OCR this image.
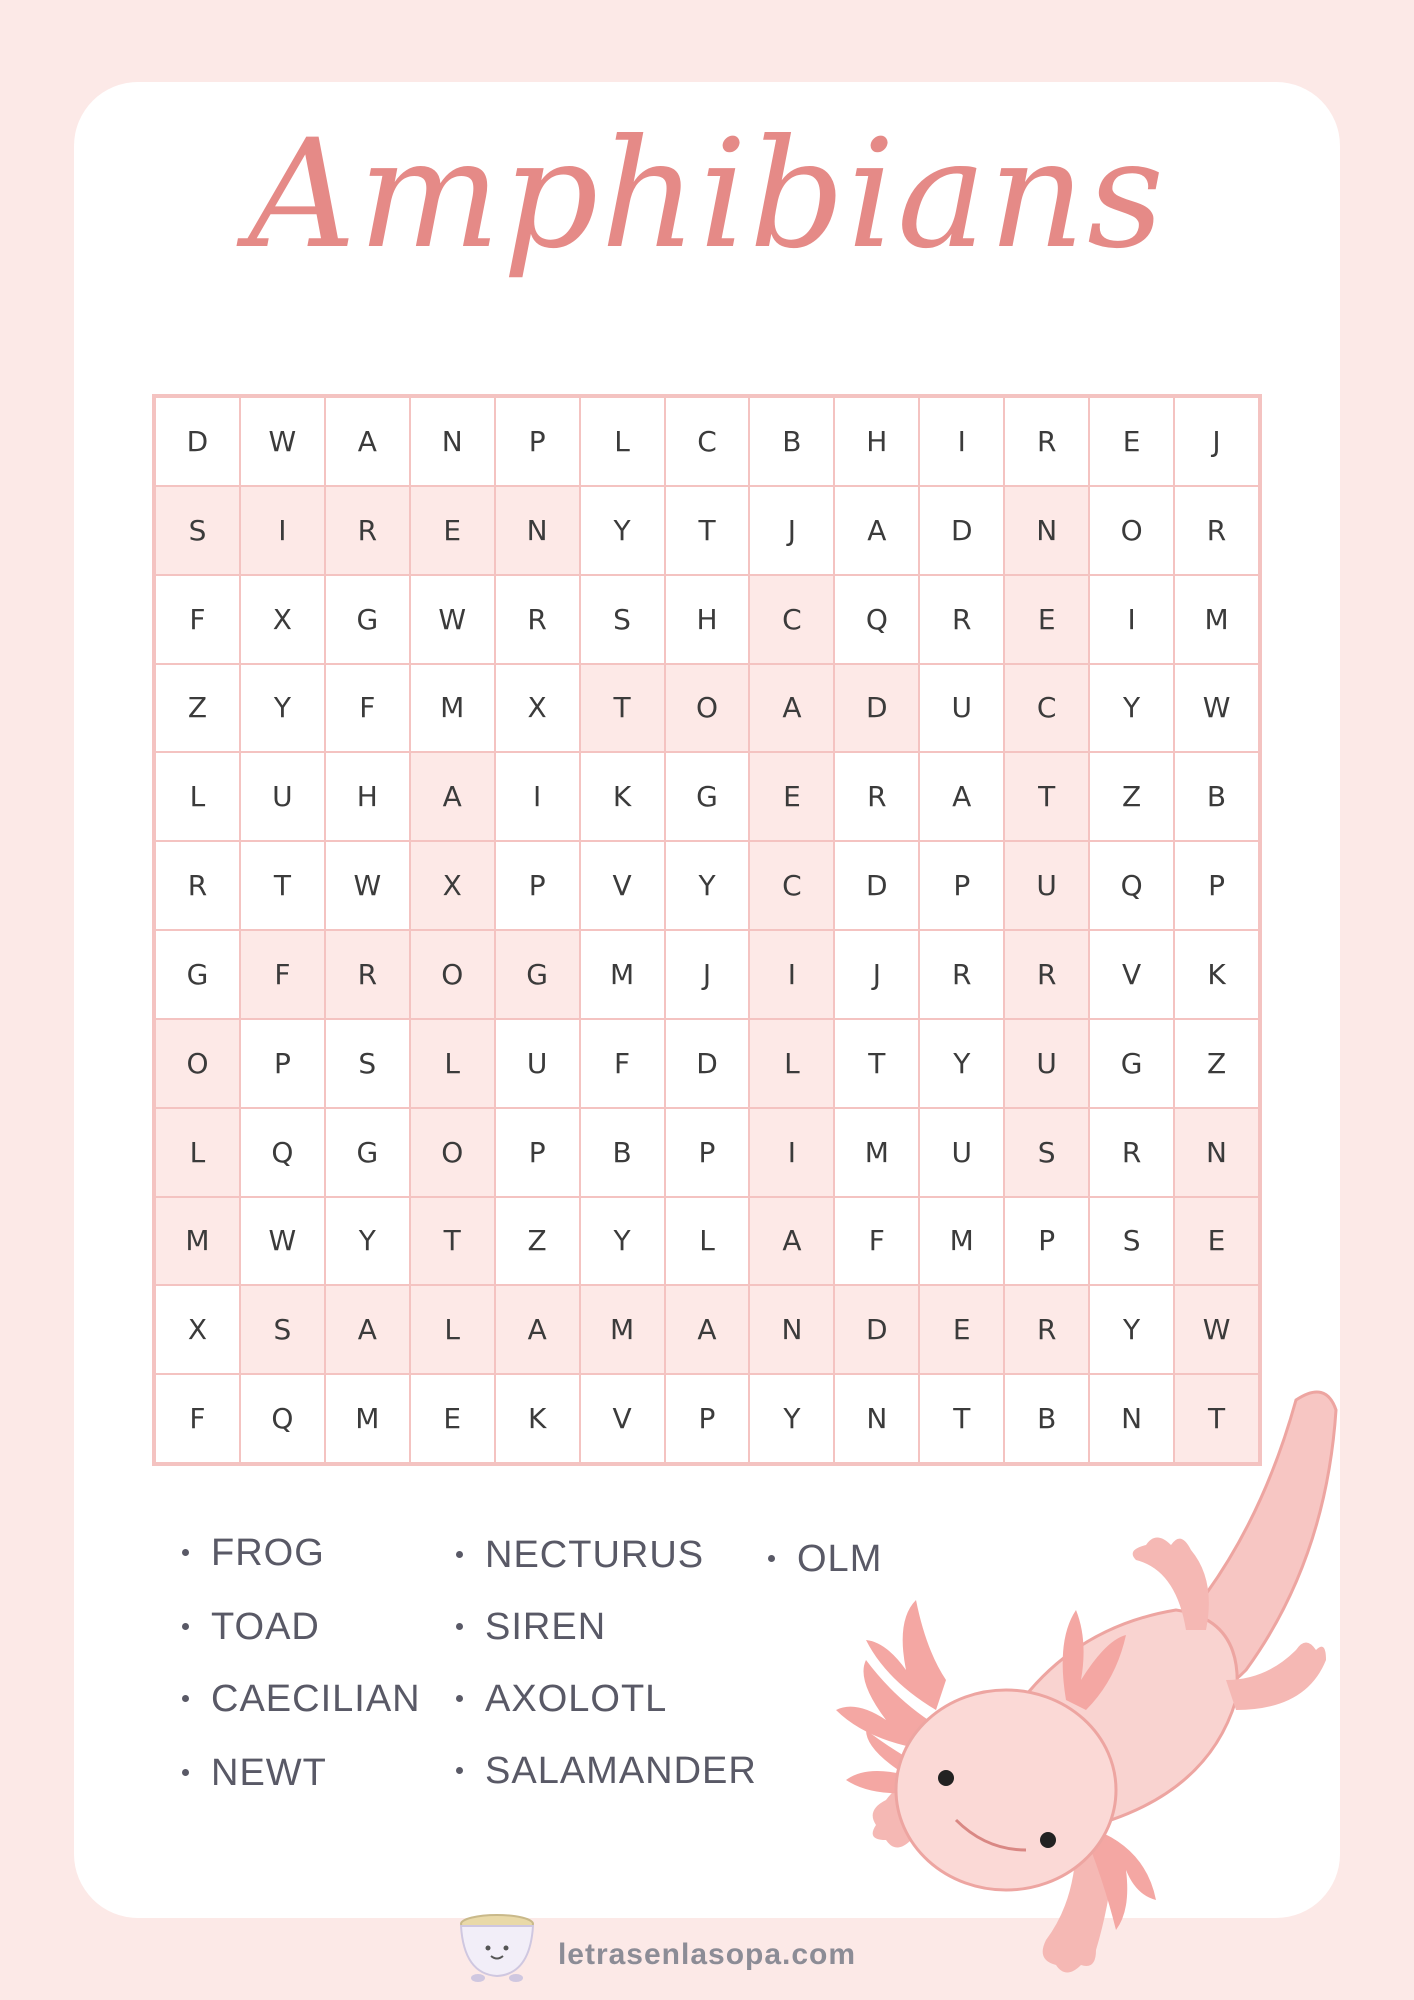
Amphibians
D	W	A	N	P	L	C	B	H	I	R	E	J
S	I	R	E	N	Y	T	J	A	D	N	O	R
F	X	G	W	R	S	H	C	Q	R	E	I	M
Z	Y	F	M	X	T	O	A	D	U	C	Y	W
L	U	H	A	I	K	G	E	R	A	T	Z	B
R	T	W	X	P	V	Y	C	D	P	U	Q	P
G	F	R	O	G	M	J	I	J	R	R	V	K
O	P	S	L	U	F	D	L	T	Y	U	G	Z
L	Q	G	O	P	B	P	I	M	U	S	R	N
M	W	Y	T	Z	Y	L	A	F	M	P	S	E
X	S	A	L	A	M	A	N	D	E	R	Y	W
F	Q	M	E	K	V	P	Y	N	T	B	N	T
FROG
TOAD
CAECILIAN
NEWT
NECTURUS
SIREN
AXOLOTL
SALAMANDER
OLM
letrasenlasopa.com
